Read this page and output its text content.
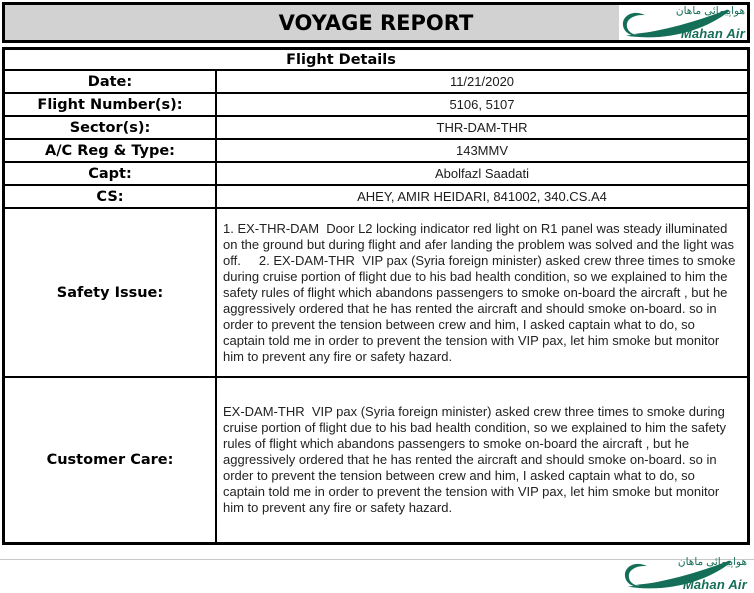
VOYAGE REPORT	هواپیمائی ماهان
Mahan Air
Flight Details
Date:	11/21/2020
Flight Number(s):	5106, 5107
Sector(s):	THR-DAM-THR
A/C Reg & Type:	143MMV
Capt:	Abolfazl Saadati
CS:	AHEY, AMIR HEIDARI, 841002, 340.CS.A4
Safety Issue:
1. EX-THR-DAM  Door L2 locking indicator red light on R1 panel was steady illuminated on the ground but during flight and afer landing the problem was solved and the light was off.     2. EX-DAM-THR  VIP pax (Syria foreign minister) asked crew three times to smoke during cruise portion of flight due to his bad health condition, so we explained to him the safety rules of flight which abandons passengers to smoke on-board the aircraft , but he aggressively ordered that he has rented the aircraft and should smoke on-board. so in order to prevent the tension between crew and him, I asked captain what to do, so captain told me in order to prevent the tension with VIP pax, let him smoke but monitor him to prevent any fire or safety hazard.
Customer Care:
EX-DAM-THR  VIP pax (Syria foreign minister) asked crew three times to smoke during cruise portion of flight due to his bad health condition, so we explained to him the safety rules of flight which abandons passengers to smoke on-board the aircraft , but he aggressively ordered that he has rented the aircraft and should smoke on-board. so in order to prevent the tension between crew and him, I asked captain what to do, so captain told me in order to prevent the tension with VIP pax, let him smoke but monitor him to prevent any fire or safety hazard.
هواپیمائی ماهان
Mahan Air
